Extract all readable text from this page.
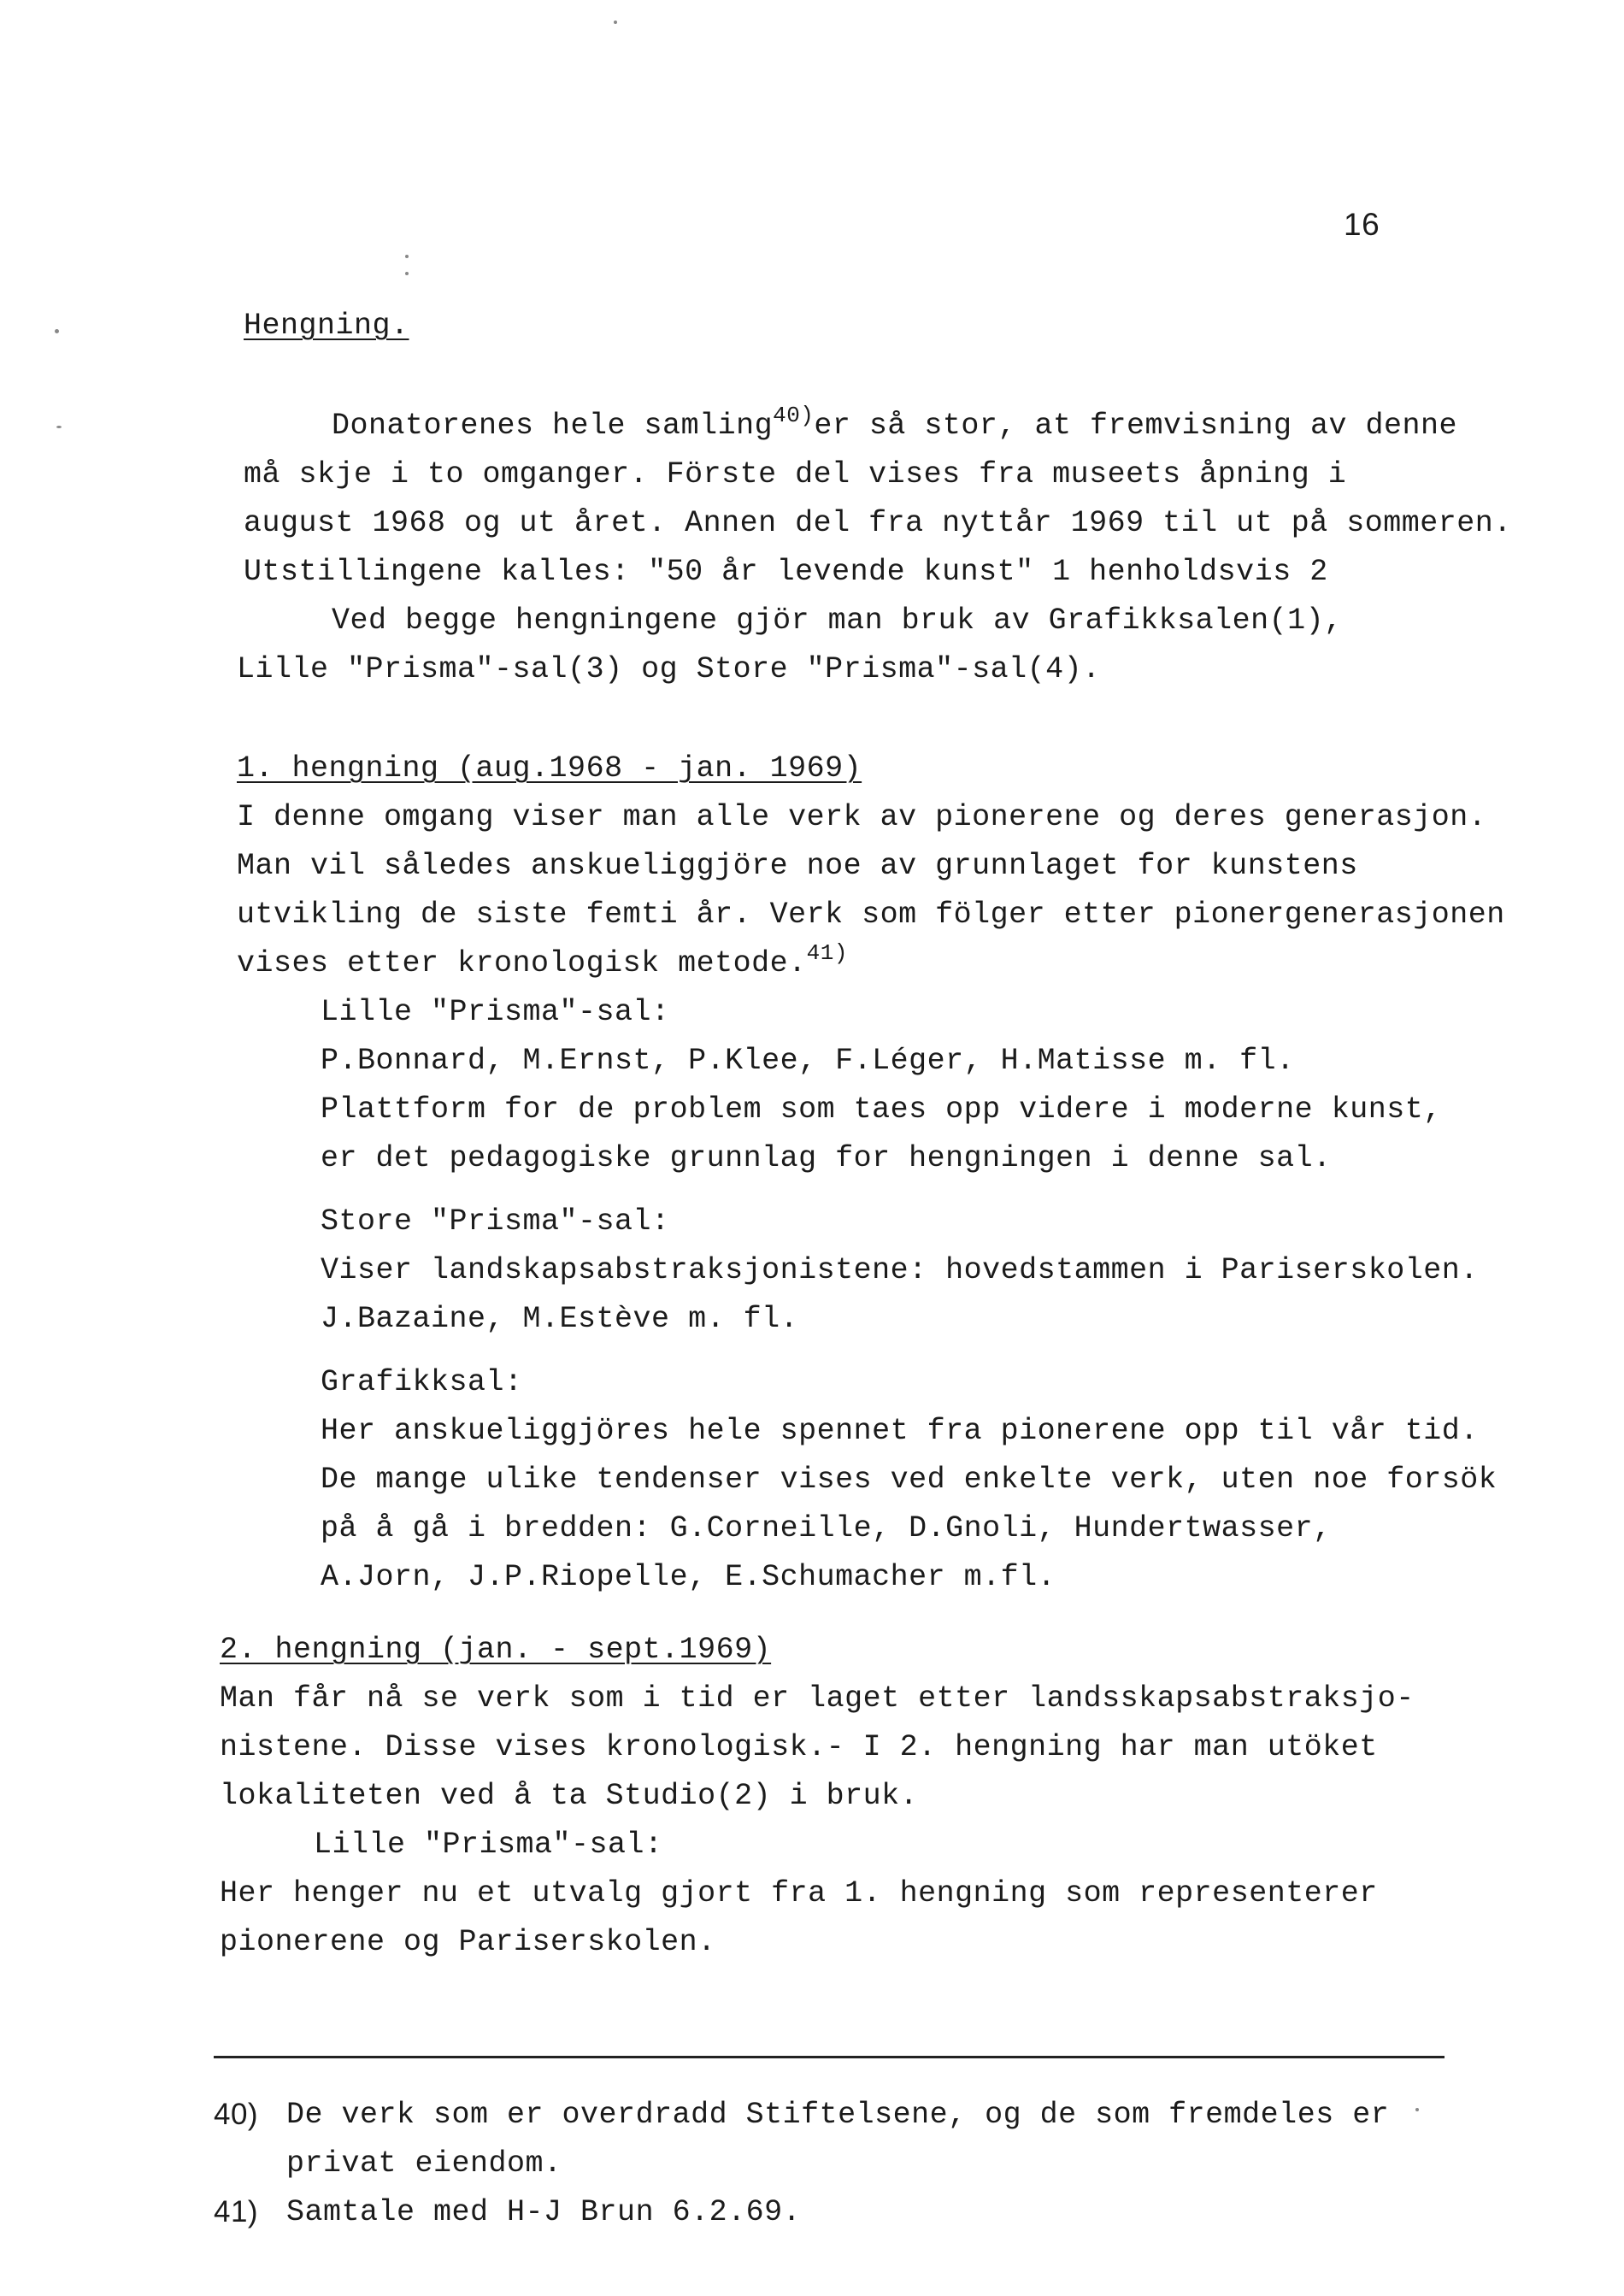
16
Hengning.
Donatorenes hele samling$^{40)}$er så stor, at fremvisning av denne
må skje i to omganger. Förste del vises fra museets åpning i
august 1968 og ut året. Annen del fra nyttår 1969 til ut på sommeren.
Utstillingene kalles: "50 år levende kunst" 1 henholdsvis 2
Ved begge hengningene gjör man bruk av Grafikksalen(1),
Lille "Prisma"-sal(3) og Store "Prisma"-sal(4).
1. hengning (aug.1968 - jan. 1969)
I denne omgang viser man alle verk av pionerene og deres generasjon.
Man vil således anskueliggjöre noe av grunnlaget for kunstens
utvikling de siste femti år. Verk som fölger etter pionergenerasjonen
vises etter kronologisk metode.$^{41)}$
Lille "Prisma"-sal:
P.Bonnard, M.Ernst, P.Klee, F.Léger, H.Matisse m. fl.
Plattform for de problem som taes opp videre i moderne kunst,
er det pedagogiske grunnlag for hengningen i denne sal.
Store "Prisma"-sal:
Viser landskapsabstraksjonistene: hovedstammen i Pariserskolen.
J.Bazaine, M.Estève m. fl.
Grafikksal:
Her anskueliggjöres hele spennet fra pionerene opp til vår tid.
De mange ulike tendenser vises ved enkelte verk, uten noe forsök
på å gå i bredden: G.Corneille, D.Gnoli, Hundertwasser,
A.Jorn, J.P.Riopelle, E.Schumacher m.fl.
2. hengning (jan. - sept.1969)
Man får nå se verk som i tid er laget etter landsskapsabstraksjo-
nistene. Disse vises kronologisk.- I 2. hengning har man utöket
lokaliteten ved å ta Studio(2) i bruk.
Lille "Prisma"-sal:
Her henger nu et utvalg gjort fra 1. hengning som representerer
pionerene og Pariserskolen.
40) De verk som er overdradd Stiftelsene, og de som fremdeles er
privat eiendom.
41) Samtale med H-J Brun 6.2.69.
